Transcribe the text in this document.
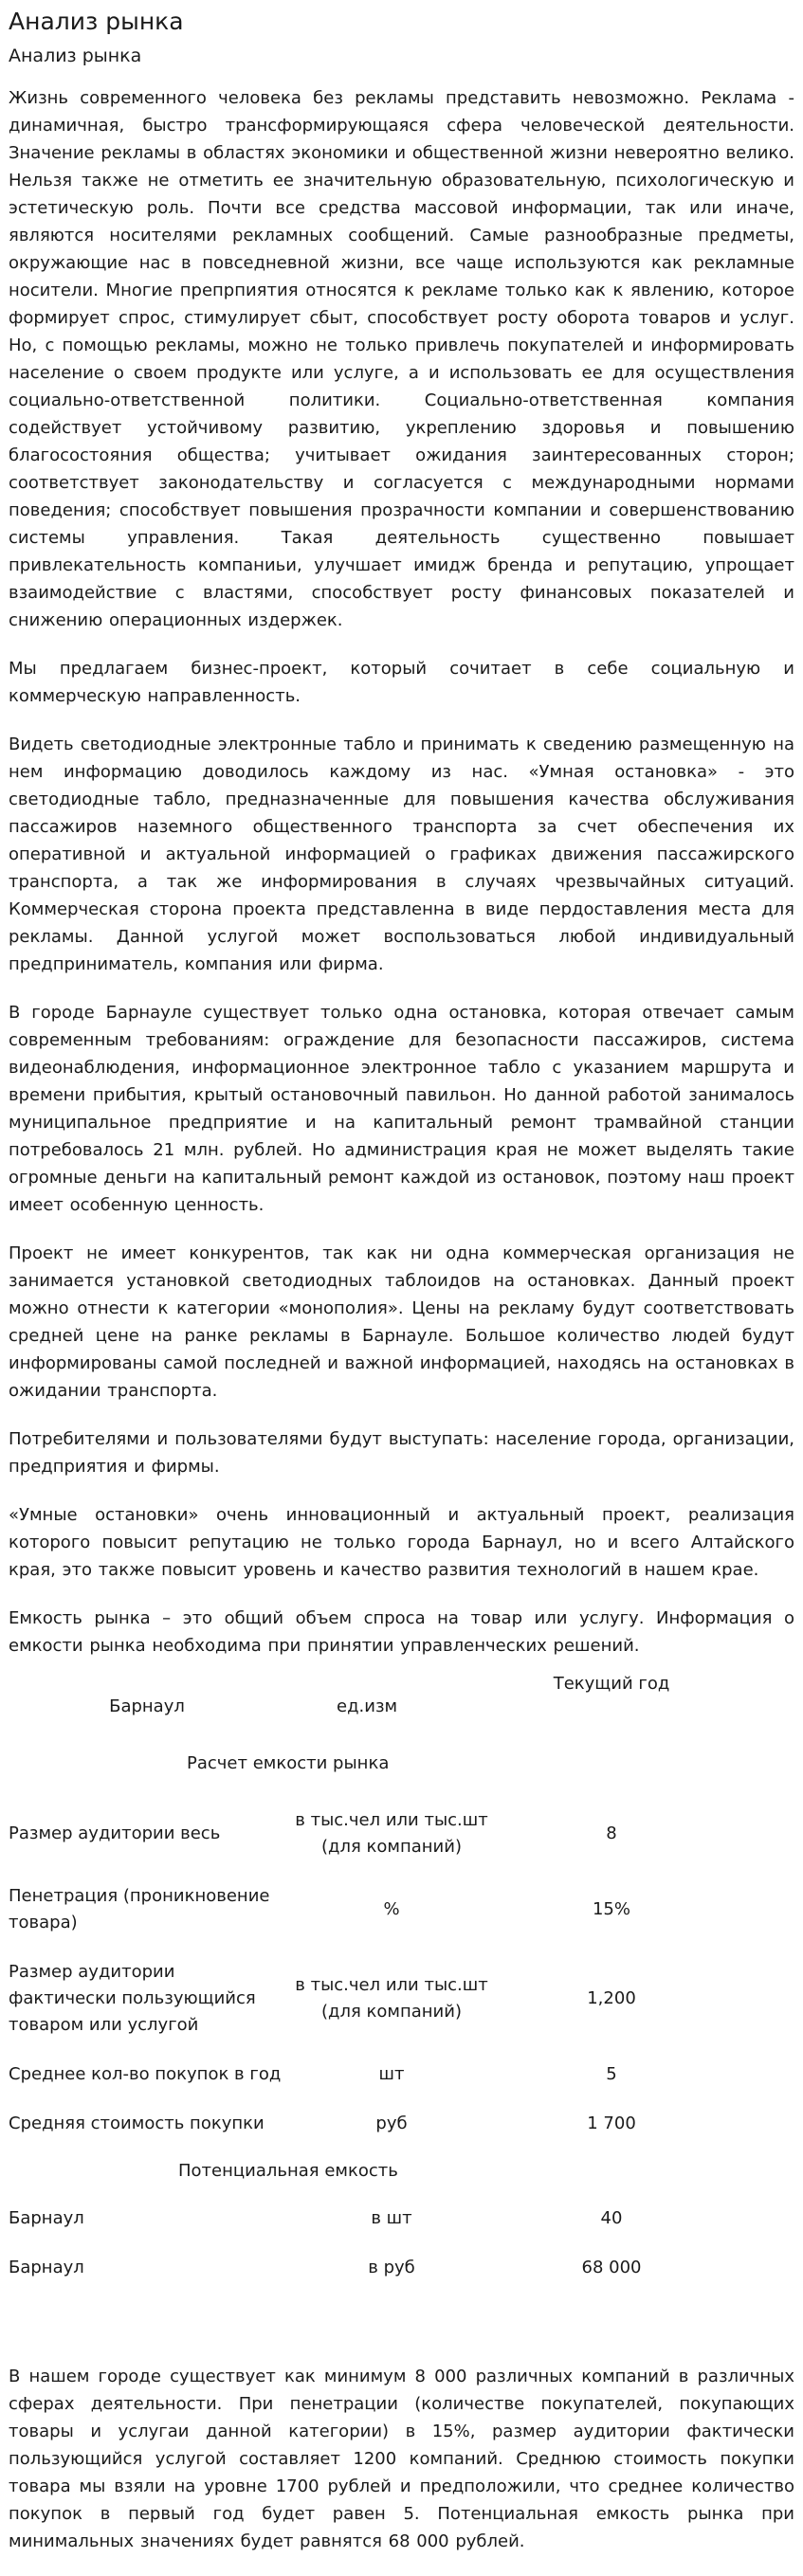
Анализ рынка
Анализ рынка

Жизнь современного человека без рекламы представить невозможно. Реклама - динамичная, быстро трансформирующаяся сфера человеческой деятельности. Значение рекламы в областях экономики и общественной жизни невероятно велико. Нельзя также не отметить ее значительную образовательную, психологическую и эстетическую роль. Почти все средства массовой информации, так или иначе, являются носителями рекламных сообщений. Самые разнообразные предметы, окружающие нас в повседневной жизни, все чаще используются как рекламные носители. Многие препрпиятия относятся к рекламе только как к явлению, которое формирует спрос, стимулирует сбыт, способствует росту оборота товаров и услуг. Но, с помощью рекламы, можно не только привлечь покупателей и информировать население о своем продукте или услуге, а и использовать ее для осуществления социально-ответственной политики. Социально-ответственная компания содействует устойчивому развитию, укреплению здоровья и повышению благосостояния общества; учитывает ожидания заинтересованных сторон; соответствует законодательству и согласуется с международными нормами поведения; способствует повышения прозрачности компании и совершенствованию системы управления. Такая деятельность существенно повышает привлекательность компаниьи, улучшает имидж бренда и репутацию, упрощает взаимодействие с властями, способствует росту финансовых показателей и снижению операционных издержек.

Мы предлагаем бизнес-проект, который сочитает в себе социальную и коммерческую направленность.

Видеть светодиодные электронные табло и принимать к сведению размещенную на нем информацию доводилось каждому из нас. «Умная остановка» - это светодиодные табло, предназначенные для повышения качества обслуживания пассажиров наземного общественного транспорта за счет обеспечения их оперативной и актуальной информацией о графиках движения пассажирского транспорта, а так же информирования в случаях чрезвычайных ситуаций. Коммерческая сторона проекта представленна в виде пердоставления места для рекламы. Данной услугой может воспользоваться любой индивидуальный предприниматель, компания или фирма.

В городе Барнауле существует только одна остановка, которая отвечает самым современным требованиям: ограждение для безопасности пассажиров, система видеонаблюдения, информационное электронное табло с указанием маршрута и времени прибытия, крытый остановочный павильон. Но данной работой занималось муниципальное предприятие и на капитальный ремонт трамвайной станции потребовалось 21 млн. рублей. Но администрация края не может выделять такие огромные деньги на капитальный ремонт каждой из остановок, поэтому наш проект имеет особенную ценность.

Проект не имеет конкурентов, так как ни одна коммерческая организация не занимается установкой светодиодных таблоидов на остановках. Данный проект можно отнести к категории «монополия». Цены на рекламу будут соответствовать средней цене на ранке рекламы в Барнауле. Большое количество людей будут информированы самой последней и важной информацией, находясь на остановках в ожидании транспорта.

Потребителями и пользователями будут выступать: население города, организации, предприятия и фирмы.

«Умные остановки» очень инновационный и актуальный проект, реализация которого повысит репутацию не только города Барнаул, но и всего Алтайского края, это также повысит уровень и качество развития технологий в нашем крае.

Емкость рынка – это общий объем спроса на товар или услугу. Информация о емкости рынка необходима при принятии управленческих решений.

Барнаул	ед.изм	Текущий год	

Расчет емкости рынка			

Размер аудитории весь	в тыс.чел или тыс.шт (для компаний)	8	
Пенетрация (проникновение товара)	%	15%	
Размер аудитории фактически пользующийся товаром или услугой	в тыс.чел или тыс.шт (для компаний)	1,200	
Среднее кол-во покупок в год	шт	5	
Средняя стоимость покупки	руб	1 700	

Потенциальная емкость			

Барнаул	в шт	40	
Барнаул	в руб	68 000	

В нашем городе существует как минимум 8 000 различных компаний в различных сферах деятельности. При пенетрации (количестве покупателей, покупающих товары и услугаи данной категории) в 15%, размер аудитории фактически пользующийся услугой составляет 1200 компаний. Среднюю стоимость покупки товара мы взяли на уровне 1700 рублей и предположили, что среднее количество покупок в первый год будет равен 5. Потенциальная емкость рынка при минимальных значениях будет равнятся 68 000 рублей.
